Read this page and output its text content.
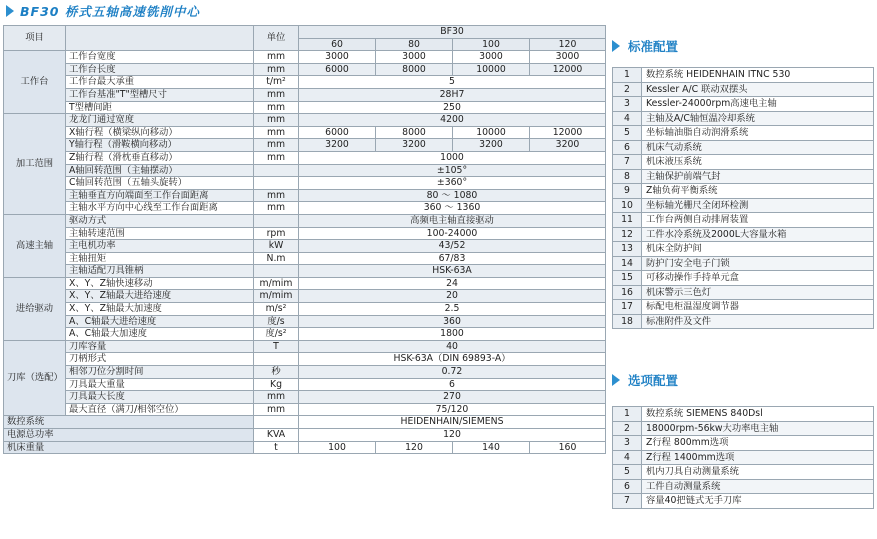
BF30 桥式五轴高速铣削中心
项目		单位	BF30			
			60	80	100	120
工作台	工作台宽度	mm	3000	3000	3000	3000
	工作台长度	mm	6000	8000	10000	12000
	工作台最大承重	t/m²	5			
	工作台基准"T"型槽尺寸	mm	28H7			
	T型槽间距	mm	250			
加工范围	龙龙门通过宽度	mm	4200			
	X轴行程（横梁纵向移动）	mm	6000	8000	10000	12000
	Y轴行程（滑鞍横向移动）	mm	3200	3200	3200	3200
	Z轴行程（滑枕垂直移动）	mm	1000			
	A轴回转范围（主轴摆动）		±105°			
	C轴回转范围（五轴头旋转）		±360°			
	主轴垂直方向端面至工作台面距离	mm	80 ～ 1080			
	主轴水平方向中心线至工作台面距离	mm	360 ～ 1360			
高速主轴	驱动方式		高频电主轴直接驱动			
	主轴转速范围	rpm	100-24000			
	主电机功率	kW	43/52			
	主轴扭矩	N.m	67/83			
	主轴适配刀具锥柄		HSK-63A			
进给驱动	X、Y、Z轴快速移动	m/mim	24			
	X、Y、Z轴最大进给速度	m/mim	20			
	X、Y、Z轴最大加速度	m/s²	2.5			
	A、C轴最大进给速度	度/s	360			
	A、C轴最大加速度	度/s²	1800			
刀库（选配）	刀库容量	T	40			
	刀柄形式		HSK-63A（DIN 69893-A）			
	相邻刀位分割时间	秒	0.72			
	刀具最大重量	Kg	6			
	刀具最大长度	mm	270			
	最大直径（满刀/相邻空位）	mm	75/120			
数控系统			HEIDENHAIN/SIEMENS			
电源总功率		KVA	120			
机床重量		t	100	120	140	160
标准配置
1	数控系统 HEIDENHAIN ITNC 530
2	Kessler A/C 联动双摆头
3	Kessler-24000rpm高速电主轴
4	主轴及A/C轴恒温冷却系统
5	坐标轴油脂自动润滑系统
6	机床气动系统
7	机床液压系统
8	主轴保护前端气封
9	Z轴负荷平衡系统
10	坐标轴光栅尺全闭环检测
11	工作台两侧自动排屑装置
12	工件水冷系统及2000L大容量水箱
13	机床全防护间
14	防护门安全电子门锁
15	可移动操作手持单元盒
16	机床警示三色灯
17	标配电柜温湿度调节器
18	标准附件及文件
选项配置
1	数控系统 SIEMENS 840Dsl
2	18000rpm-56kw大功率电主轴
3	Z行程 800mm选项
4	Z行程 1400mm选项
5	机内刀具自动测量系统
6	工件自动测量系统
7	容量40把链式无手刀库
